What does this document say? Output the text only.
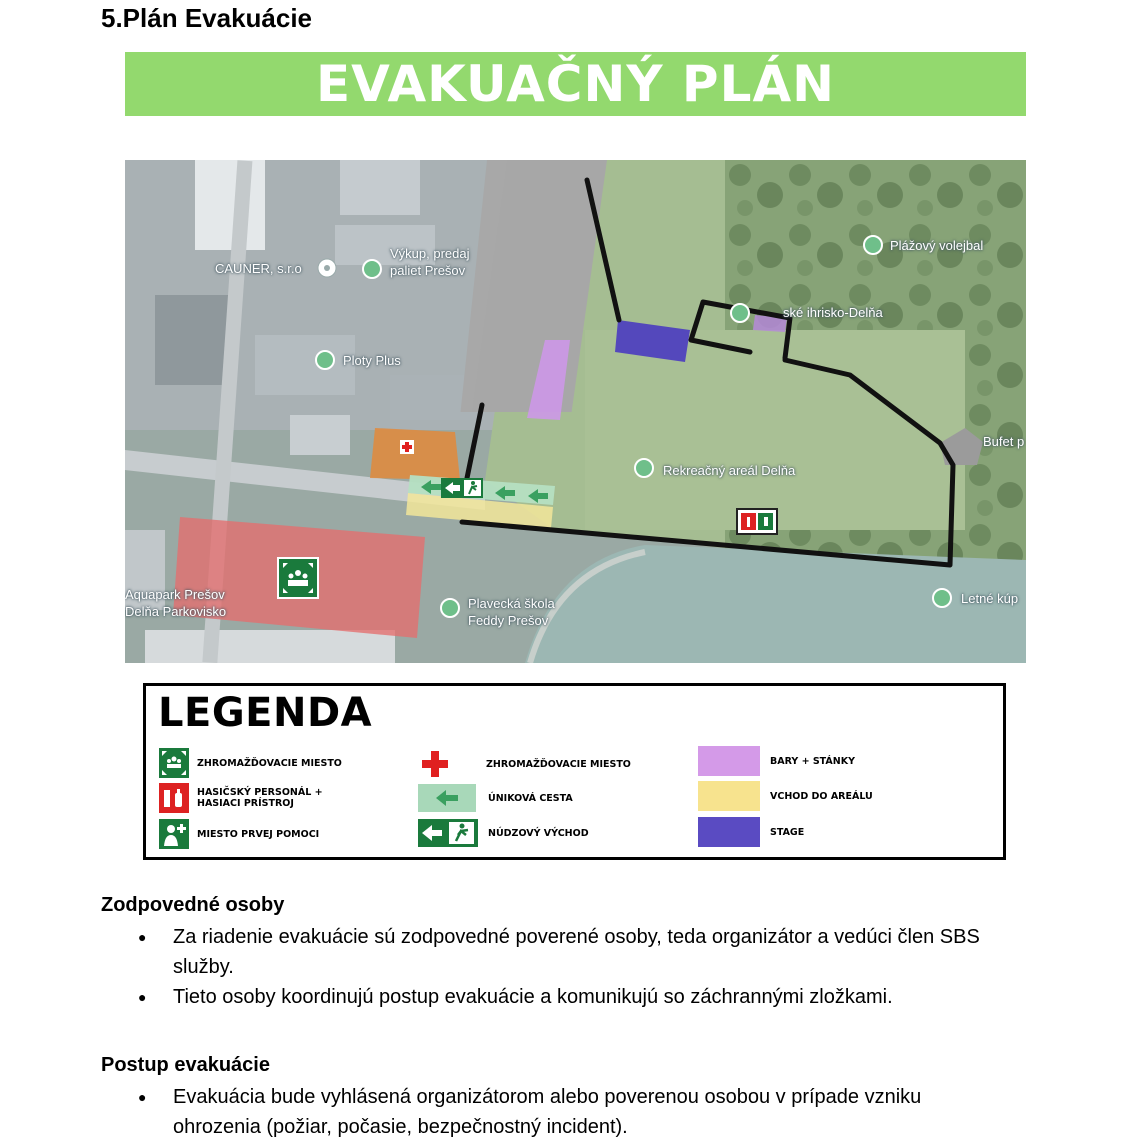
5.Plán Evakuácie
EVAKUAČNÝ PLÁN
CAUNER, s.r.o
Výkup, predaj
paliet Prešov
Ploty Plus
Plážový volejbal
ské ihrisko-Delňa
Bufet p
Rekreačný areál Delňa
Aquapark Prešov
Delňa Parkovisko
Plavecká škola
Feddy Prešov
Letné kúp
LEGENDA
ZHROMAŽĎOVACIE MIESTO
HASIČSKÝ PERSONÁL +
HASIACI PRÍSTROJ
MIESTO PRVEJ POMOCI
ZHROMAŽĎOVACIE MIESTO
ÚNIKOVÁ CESTA
NÚDZOVÝ VÝCHOD
BARY + STÁNKY
VCHOD DO AREÁLU
STAGE
Zodpovedné osoby
● Za riadenie evakuácie sú zodpovedné poverené osoby, teda organizátor a vedúci člen SBS služby.
● Tieto osoby koordinujú postup evakuácie a komunikujú so záchrannými zložkami.
Postup evakuácie
● Evakuácia bude vyhlásená organizátorom alebo poverenou osobou v prípade vzniku ohrozenia (požiar, počasie, bezpečnostný incident).
